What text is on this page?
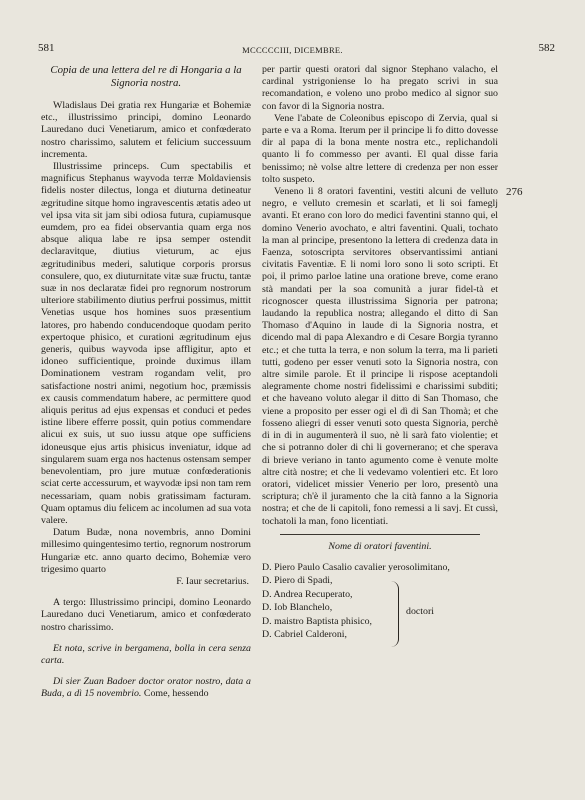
581	MCCCCCIII, DICEMBRE.	582
276

Copia de una lettera del re di Hongaria a la Signoria nostra.

Wladislaus Dei gratia rex Hungariæ et Bohemiæ etc., illustrissimo principi, domino Leonardo Lauredano duci Venetiarum, amico et confœderato nostro charissimo, salutem et felicium successuum incrementa.

Illustrissime princeps. Cum spectabilis et magnificus Stephanus wayvoda terræ Moldaviensis fidelis noster dilectus, longa et diuturna detineatur ægritudine sitque homo ingravescentis ætatis adeo ut vel ipsa vita sit jam sibi odiosa futura, cupiamusque eumdem, pro ea fidei observantia quam erga nos absque aliqua labe re ipsa semper ostendit declaravitque, diutius vieturum, ac ejus ægritudinibus mederi, salutique corporis prorsus consulere, quo, ex diuturnitate vitæ suæ fructu, tantæ suæ in nos declaratæ fidei pro regnorum nostrorum ulteriore stabilimento diutius perfrui possimus, mittit Venetias usque hos homines suos præsentium latores, pro habendo conducendoque quodam perito expertoque phisico, et curationi ægritudinum ejus generis, quibus wayvoda ipse affligitur, apto et idoneo sufficientique, proinde duximus illam Dominationem vestram rogandam velit, pro satisfactione nostri animi, negotium hoc, præmissis ex causis commendatum habere, ac permittere quod aliquis peritus ad ejus expensas et conduci et pedes istine libere efferre possit, quin potius commendare alicui ex suis, ut suo iussu atque ope sufficiens idoneusque ejus artis phisicus inveniatur, idque ad singularem suam erga nos hactenus ostensam semper benevolentiam, pro jure mutuæ confœderationis sciat certe accessurum, et wayvodæ ipsi non tam rem necessariam, quam nobis gratissimam facturam. Quam optamus diu felicem ac incolumen ad sua vota valere.

Datum Budæ, nona novembris, anno Domini millesimo quingentesimo tertio, regnorum nostrorum Hungariæ etc. anno quarto decimo, Bohemiæ vero trigesimo quarto

F. Iaur secretarius.

A tergo: Illustrissimo principi, domino Leonardo Lauredano duci Venetiarum, amico et confœderato nostro charissimo.

Et nota, scrive in bergamena, bolla in cera senza carta.

Di sier Zuan Badoer doctor orator nostro, data a Buda, a dì 15 novembrio. Come, hessendo

per partir questi oratori dal signor Stephano valacho, el cardinal ystrigoniense lo ha pregato scrivi in sua recomandation, e voleno uno probo medico al signor suo con favor di la Signoria nostra.

Vene l'abate de Coleonibus episcopo di Zervia, qual si parte e va a Roma. Iterum per il principe li fo ditto dovesse dir al papa di la bona mente nostra etc., replichandoli quanto li fo commesso per avanti. El qual disse faria benissimo; nè volse altre lettere di credenza per non esser tolto suspeto.

Veneno li 8 oratori faventini, vestiti alcuni de velluto negro, e velluto cremesin et scarlati, et li soi fameglj avanti. Et erano con loro do medici faventini stanno qui, el domino Venerio avochato, e altri faventini. Quali, tochato la man al principe, presentono la lettera di credenza data in Faenza, sotoscripta servitores observantissimi antiani civitatis Faventiæ. E li nomi loro sono li soto scripti. Et poi, il primo parloe latine una oratione breve, come erano stà mandati per la soa comunità a jurar fidel-tà et ricognoscer questa illustrissima Signoria per patrona; laudando la republica nostra; allegando el ditto di San Thomaso d'Aquino in laude di la Signoria nostra, et dicendo mal di papa Alexandro e di Cesare Borgia tyranno etc.; et che tutta la terra, e non solum la terra, ma li parieti tutti, godeno per esser venuti soto la Signoria nostra, con altre simile parole. Et il principe li rispose aceptandoli alegramente chome nostri fidelissimi e charissimi subditi; et che haveano voluto alegar il ditto di San Thomaso, che viene a proposito per esser ogi el dì di San Thomà; et che fosseno aliegri di esser venuti soto questa Signoria, perchè di in di in augumenterà il suo, nè li sarà fato violentie; et che si potranno doler di chi li governerano; et che sperava di brieve veriano in tanto agumento come è venute molte altre cità nostre; et che li vedevamo volentieri etc. Et loro oratori, videlicet missier Venerio per loro, presentò una scriptura; ch'è il juramento che la cità fanno a la Signoria nostra; et che de li capitoli, fono remessi a li savj. Et cussì, tochatoli la man, fono licentiati.

Nome di oratori faventini.

D. Piero Paulo Casalio cavalier yerosolimitano,
D. Piero di Spadi,
D. Andrea Recuperato,
D. Iob Blanchelo,
D. maistro Baptista phisico,
D. Cabriel Calderoni,
doctori
